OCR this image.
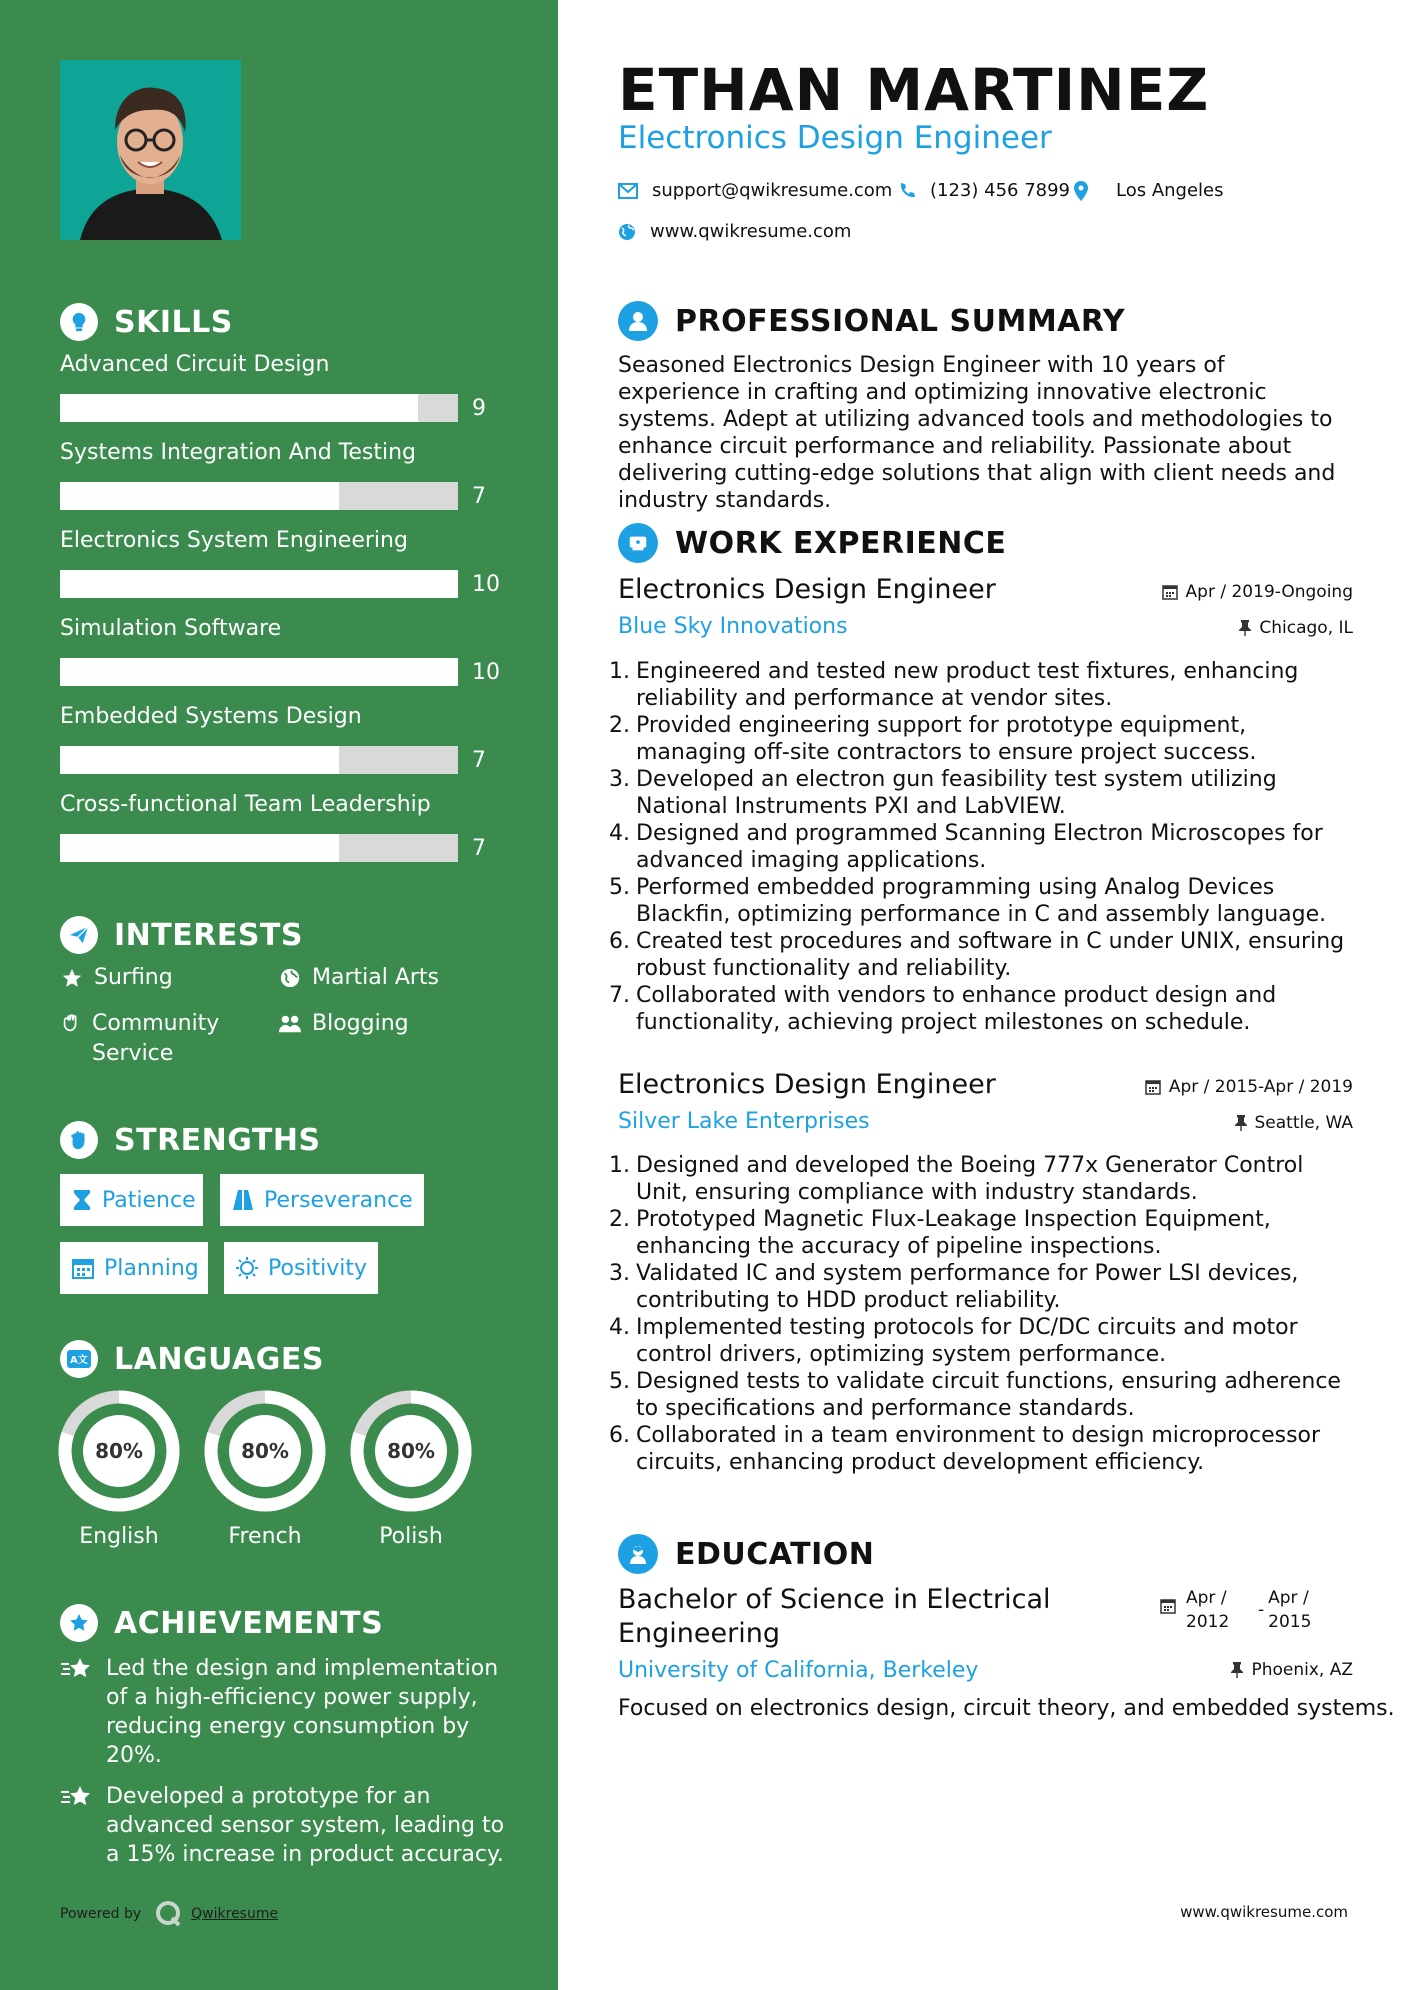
SKILLS
Advanced Circuit Design
9
Systems Integration And Testing
7
Electronics System Engineering
10
Simulation Software
10
Embedded Systems Design
7
Cross-functional Team Leadership
7
INTERESTS
Surfing	Martial Arts
Community Service
Blogging
STRENGTHS
Patience	Perseverance
Planning	Positivity
A文 LANGUAGES
80%
English
80%
French
80%
Polish
ACHIEVEMENTS
Led the design and implementation of a high-efficiency power supply, reducing energy consumption by 20%.
Developed a prototype for an advanced sensor system, leading to a 15% increase in product accuracy.
Powered by	Qwikresume
ETHAN MARTINEZ
Electronics Design Engineer
support@qwikresume.com (123) 456 7899	Los Angeles
www.qwikresume.com
PROFESSIONAL SUMMARY

Seasoned Electronics Design Engineer with 10 years of experience in crafting and optimizing innovative electronic systems. Adept at utilizing advanced tools and methodologies to enhance circuit performance and reliability. Passionate about delivering cutting-edge solutions that align with client needs and industry standards.

WORK EXPERIENCE
Electronics Design Engineer	Apr / 2019-Ongoing
Blue Sky Innovations	Chicago, IL
1. Engineered and tested new product test fixtures, enhancing reliability and performance at vendor sites.
2. Provided engineering support for prototype equipment, managing off-site contractors to ensure project success.
3. Developed an electron gun feasibility test system utilizing National Instruments PXI and LabVIEW.
4. Designed and programmed Scanning Electron Microscopes for advanced imaging applications.
5. Performed embedded programming using Analog Devices Blackfin, optimizing performance in C and assembly language.
6. Created test procedures and software in C under UNIX, ensuring robust functionality and reliability.
7. Collaborated with vendors to enhance product design and functionality, achieving project milestones on schedule.
Electronics Design Engineer	Apr / 2015-Apr / 2019
Silver Lake Enterprises	Seattle, WA
1. Designed and developed the Boeing 777x Generator Control Unit, ensuring compliance with industry standards.
2. Prototyped Magnetic Flux-Leakage Inspection Equipment, enhancing the accuracy of pipeline inspections.
3. Validated IC and system performance for Power LSI devices, contributing to HDD product reliability.
4. Implemented testing protocols for DC/DC circuits and motor control drivers, optimizing system performance.
5. Designed tests to validate circuit functions, ensuring adherence to specifications and performance standards.
6. Collaborated in a team environment to design microprocessor circuits, enhancing product development efficiency.
EDUCATION
Bachelor of Science in Electrical Engineering
Apr / 2012
-
Apr / 2015
University of California, Berkeley	Phoenix, AZ
Focused on electronics design, circuit theory, and embedded systems.
www.qwikresume.com
